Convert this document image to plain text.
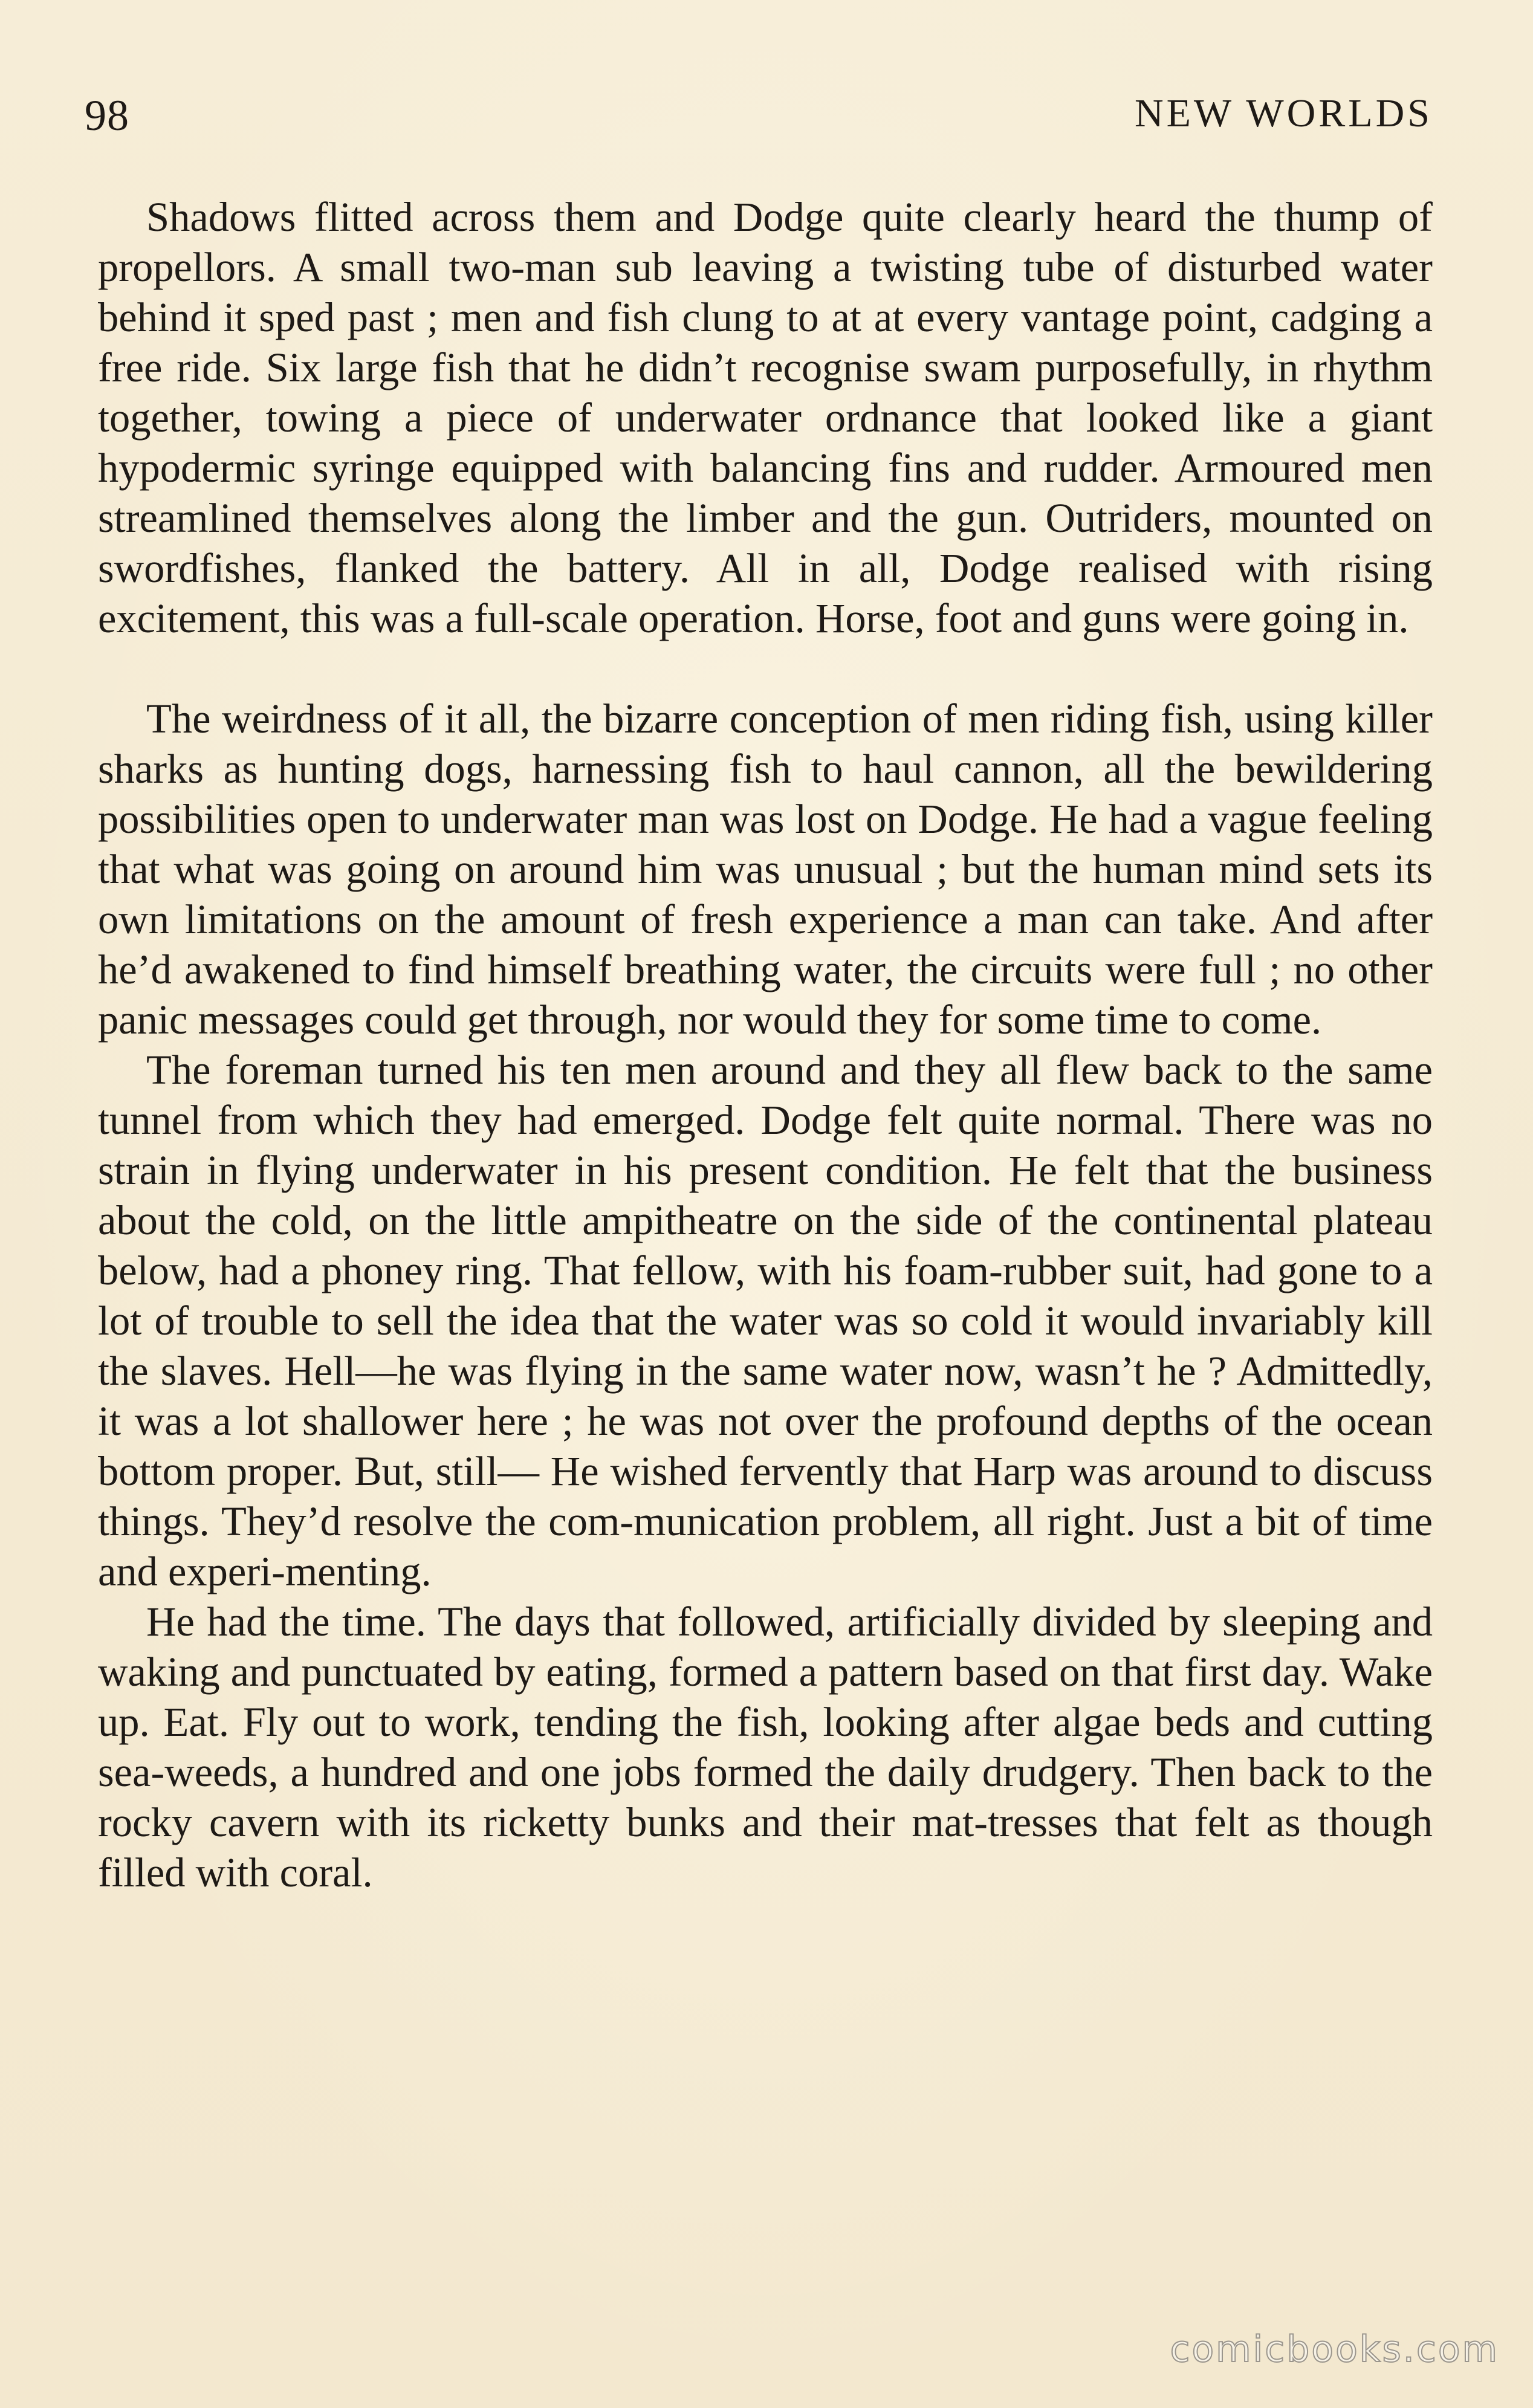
98	NEW WORLDS

Shadows flitted across them and Dodge quite clearly heard the thump of propellors. A small two-man sub leaving a twisting tube of disturbed water behind it sped past ; men and fish clung to at at every vantage point, cadging a free ride. Six large fish that he didn’t recognise swam purposefully, in rhythm together, towing a piece of underwater ordnance that looked like a giant hypodermic syringe equipped with balancing fins and rudder. Armoured men streamlined themselves along the limber and the gun. Outriders, mounted on swordfishes, flanked the battery. All in all, Dodge realised with rising excitement, this was a full-scale operation. Horse, foot and guns were going in.

The weirdness of it all, the bizarre conception of men riding fish, using killer sharks as hunting dogs, harnessing fish to haul cannon, all the bewildering possibilities open to underwater man was lost on Dodge. He had a vague feeling that what was going on around him was unusual ; but the human mind sets its own limitations on the amount of fresh experience a man can take. And after he’d awakened to find himself breathing water, the circuits were full ; no other panic messages could get through, nor would they for some time to come.

The foreman turned his ten men around and they all flew back to the same tunnel from which they had emerged. Dodge felt quite normal. There was no strain in flying underwater in his present condition. He felt that the business about the cold, on the little ampitheatre on the side of the continental plateau below, had a phoney ring. That fellow, with his foam-rubber suit, had gone to a lot of trouble to sell the idea that the water was so cold it would invariably kill the slaves. Hell—he was flying in the same water now, wasn’t he ? Admittedly, it was a lot shallower here ; he was not over the profound depths of the ocean bottom proper. But, still— He wished fervently that Harp was around to discuss things. They’d resolve the com-munication problem, all right. Just a bit of time and experi-menting.

He had the time. The days that followed, artificially divided by sleeping and waking and punctuated by eating, formed a pattern based on that first day. Wake up. Eat. Fly out to work, tending the fish, looking after algae beds and cutting sea-weeds, a hundred and one jobs formed the daily drudgery. Then back to the rocky cavern with its ricketty bunks and their mat-tresses that felt as though filled with coral.

comicbooks.com
